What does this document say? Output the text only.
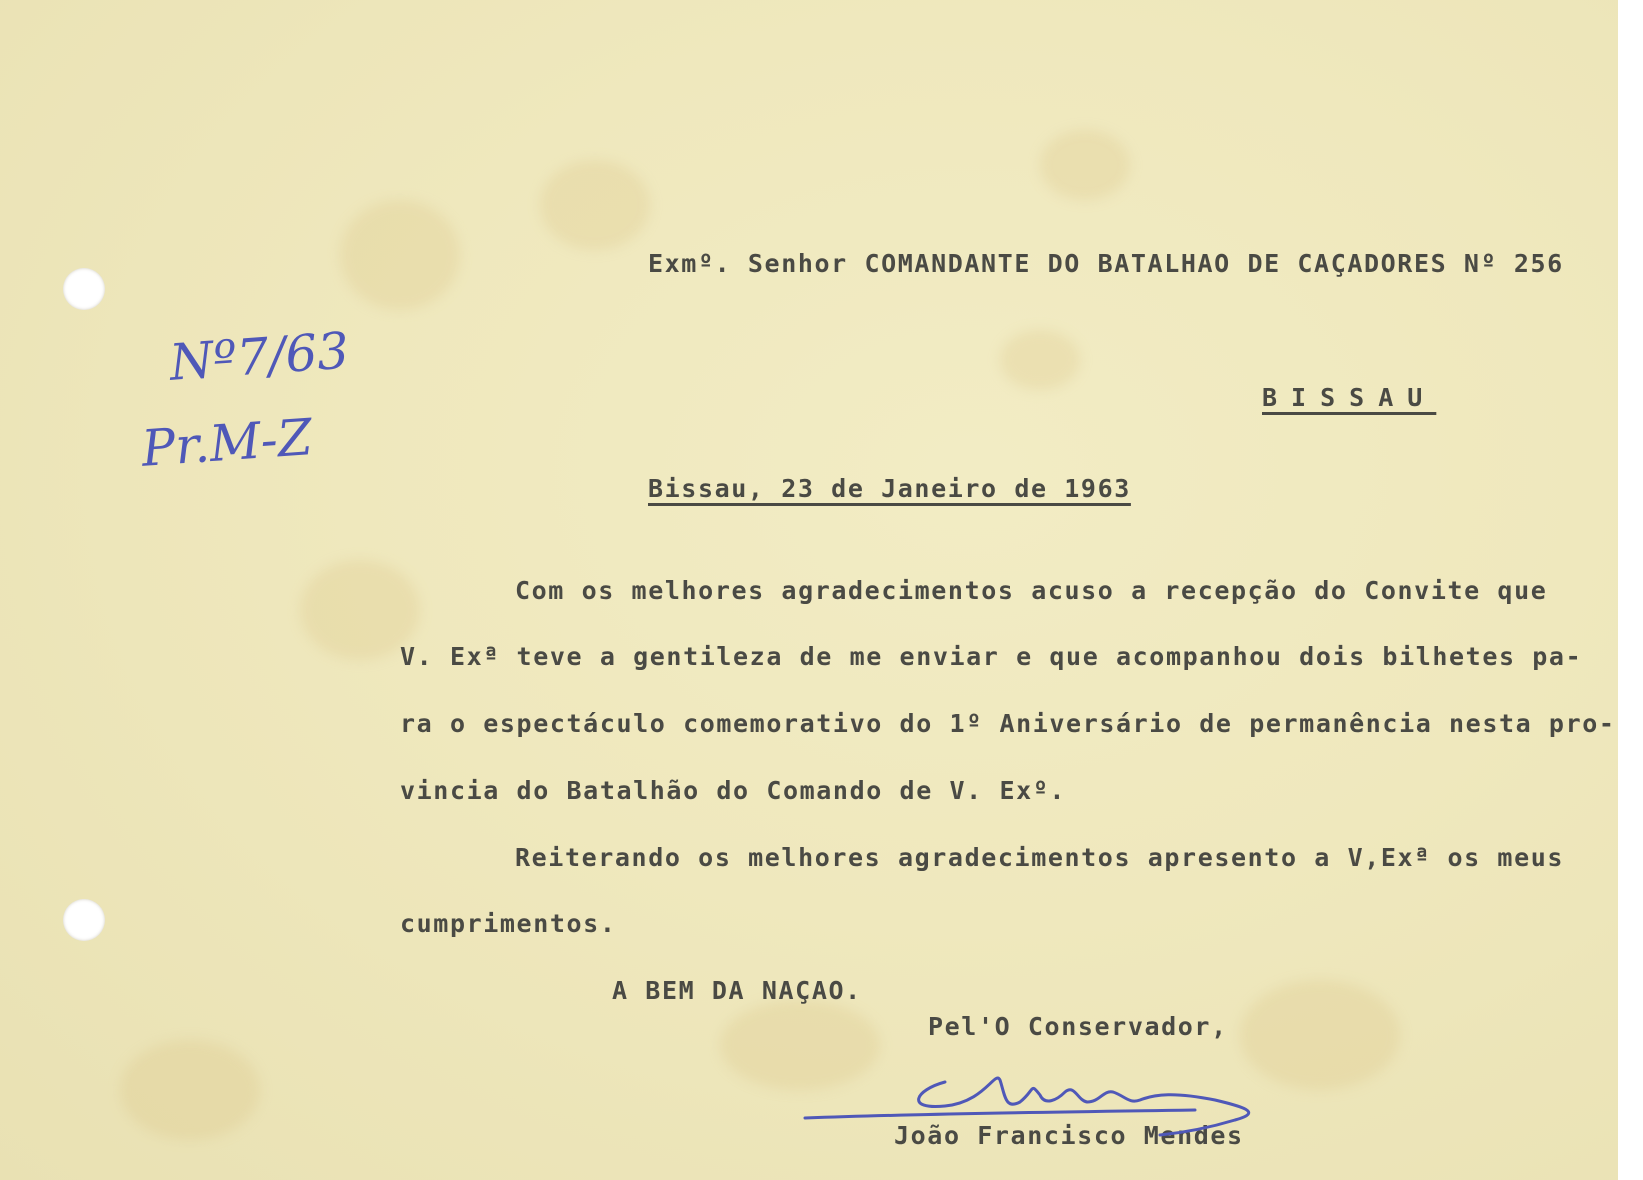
Exmº. Senhor COMANDANTE DO BATALHAO DE CAÇADORES Nº 256
BISSAU
Bissau, 23 de Janeiro de 1963
Com os melhores agradecimentos acuso a recepção do Convite que
V. Exª teve a gentileza de me enviar e que acompanhou dois bilhetes pa-
ra o espectáculo comemorativo do 1º Aniversário de permanência nesta pro-
vincia do Batalhão do Comando de V. Exº.
Reiterando os melhores agradecimentos apresento a V,Exª os meus
cumprimentos.
A BEM DA NAÇAO.
Pel'O Conservador,
João Francisco Mendes
Nº7/63
Pr.M-Z
